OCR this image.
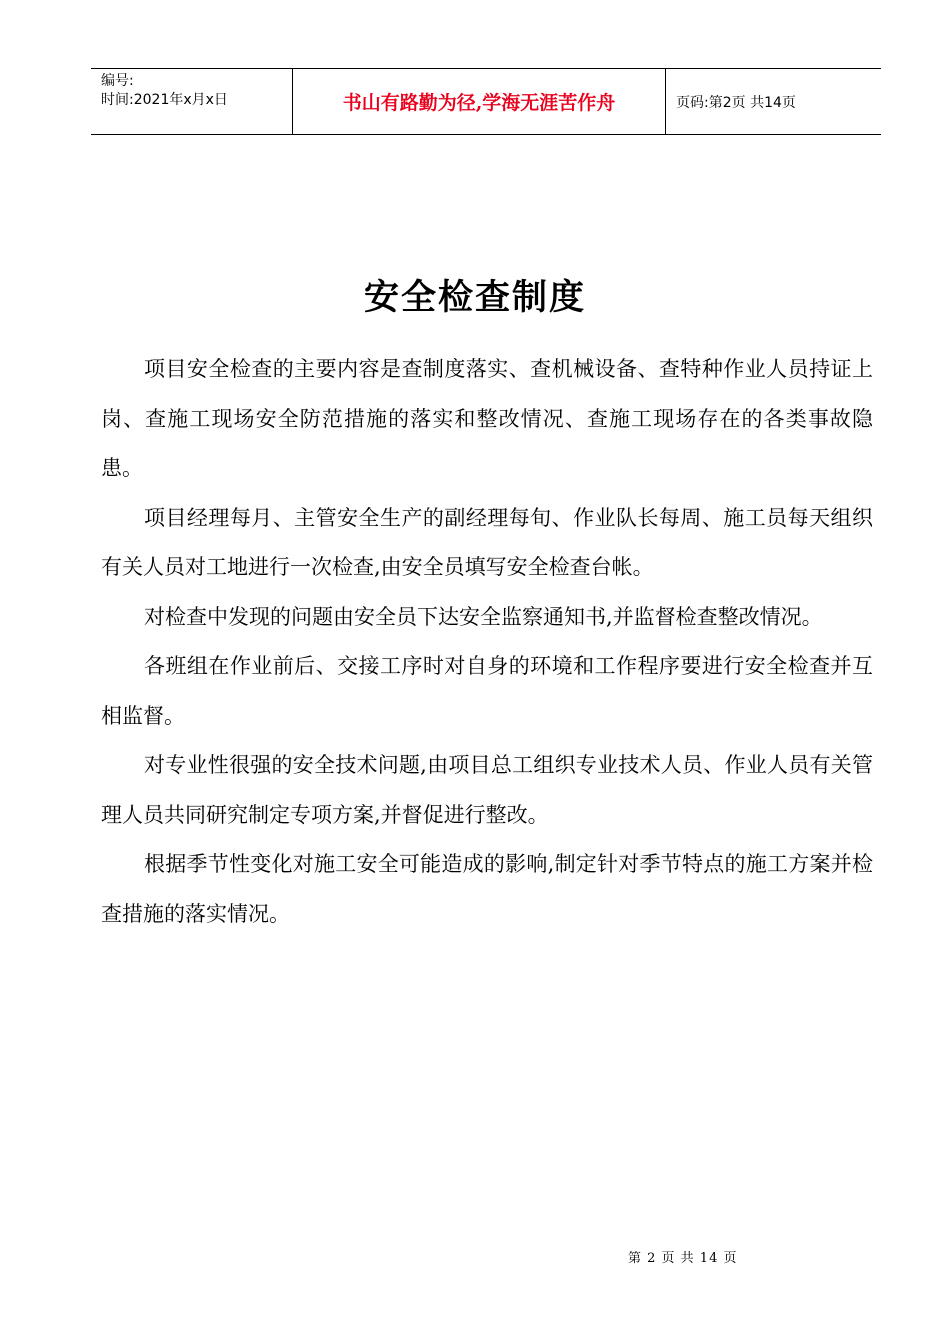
编号:
时间:2021年x月x日	书山有路勤为径,学海无涯苦作舟	页码:第2页 共14页
安全检查制度

项目安全检查的主要内容是查制度落实、查机械设备、查特种作业人员持证上岗、查施工现场安全防范措施的落实和整改情况、查施工现场存在的各类事故隐患。

项目经理每月、主管安全生产的副经理每旬、作业队长每周、施工员每天组织有关人员对工地进行一次检查,由安全员填写安全检查台帐。

对检查中发现的问题由安全员下达安全监察通知书,并监督检查整改情况。

各班组在作业前后、交接工序时对自身的环境和工作程序要进行安全检查并互相监督。

对专业性很强的安全技术问题,由项目总工组织专业技术人员、作业人员有关管理人员共同研究制定专项方案,并督促进行整改。

根据季节性变化对施工安全可能造成的影响,制定针对季节特点的施工方案并检查措施的落实情况。

第 2 页 共 14 页
